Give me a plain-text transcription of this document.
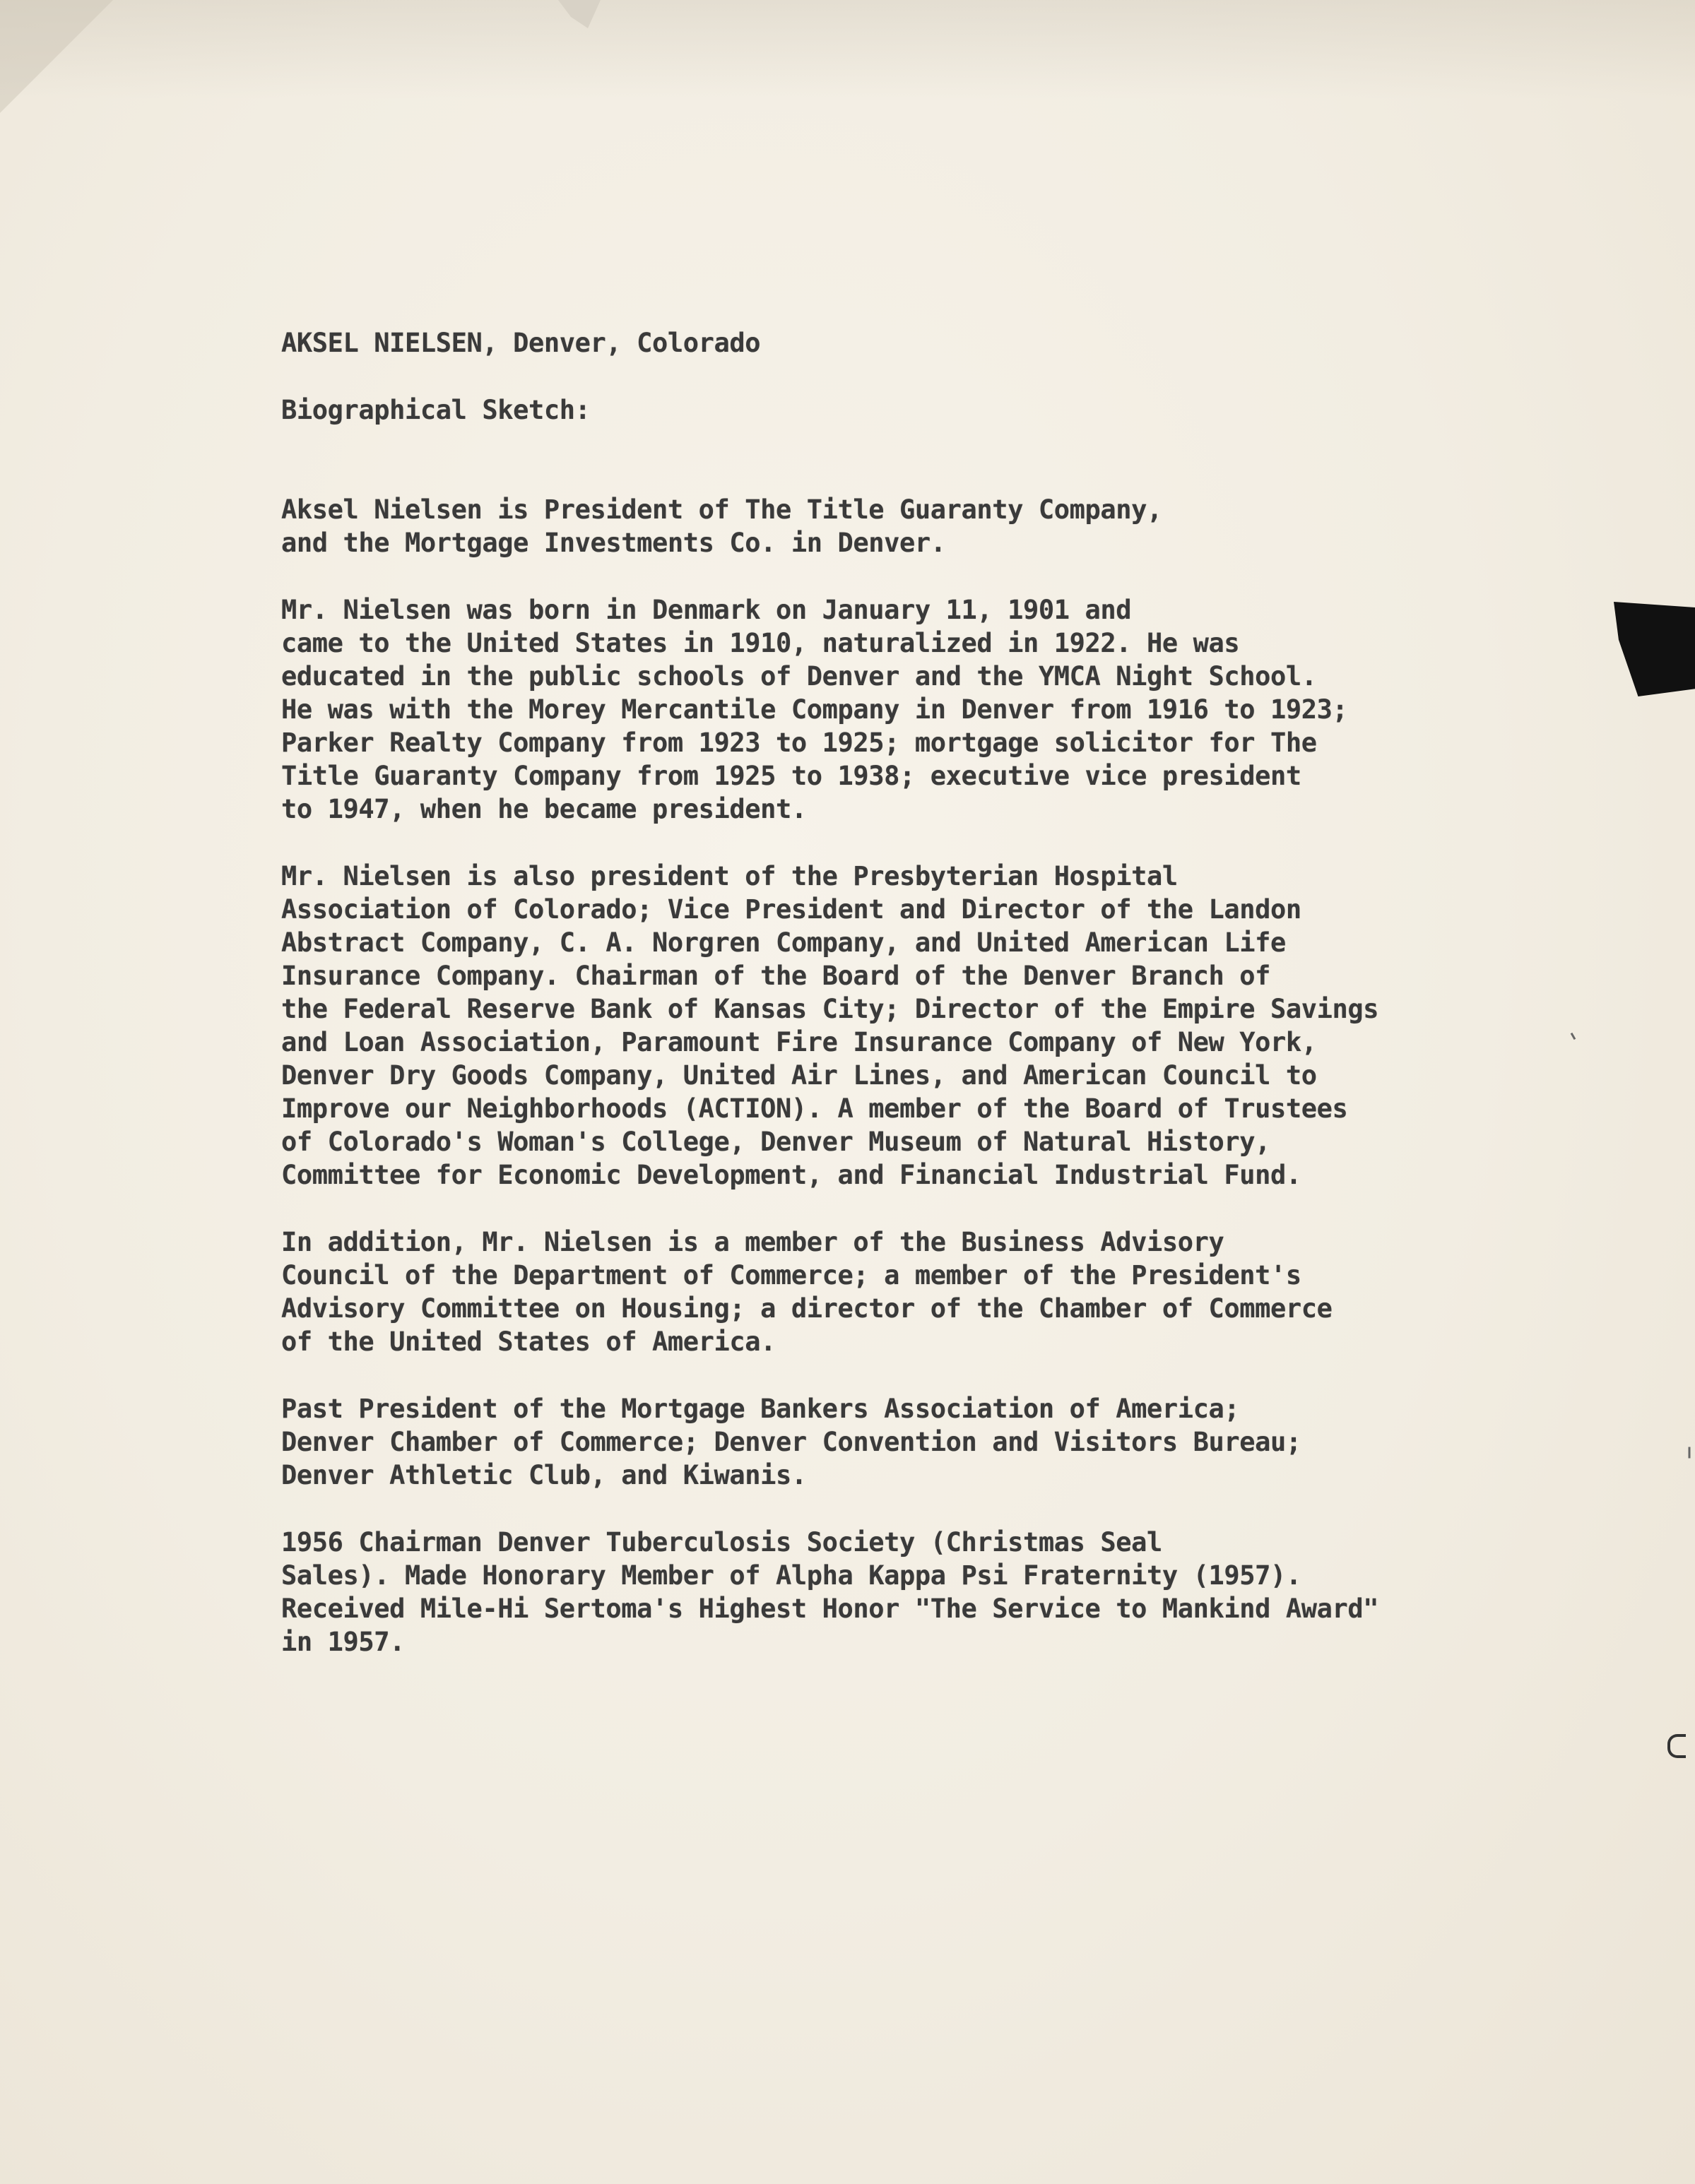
AKSEL NIELSEN, Denver, Colorado

Biographical Sketch:

Aksel Nielsen is President of The Title Guaranty Company,
and the Mortgage Investments Co. in Denver.

Mr. Nielsen was born in Denmark on January 11, 1901 and
came to the United States in 1910, naturalized in 1922. He was
educated in the public schools of Denver and the YMCA Night School.
He was with the Morey Mercantile Company in Denver from 1916 to 1923;
Parker Realty Company from 1923 to 1925; mortgage solicitor for The
Title Guaranty Company from 1925 to 1938; executive vice president
to 1947, when he became president.

Mr. Nielsen is also president of the Presbyterian Hospital
Association of Colorado; Vice President and Director of the Landon
Abstract Company, C. A. Norgren Company, and United American Life
Insurance Company. Chairman of the Board of the Denver Branch of
the Federal Reserve Bank of Kansas City; Director of the Empire Savings
and Loan Association, Paramount Fire Insurance Company of New York,
Denver Dry Goods Company, United Air Lines, and American Council to
Improve our Neighborhoods (ACTION). A member of the Board of Trustees
of Colorado's Woman's College, Denver Museum of Natural History,
Committee for Economic Development, and Financial Industrial Fund.

In addition, Mr. Nielsen is a member of the Business Advisory
Council of the Department of Commerce; a member of the President's
Advisory Committee on Housing; a director of the Chamber of Commerce
of the United States of America.

Past President of the Mortgage Bankers Association of America;
Denver Chamber of Commerce; Denver Convention and Visitors Bureau;
Denver Athletic Club, and Kiwanis.

1956 Chairman Denver Tuberculosis Society (Christmas Seal
Sales). Made Honorary Member of Alpha Kappa Psi Fraternity (1957).
Received Mile-Hi Sertoma's Highest Honor "The Service to Mankind Award"
in 1957.
